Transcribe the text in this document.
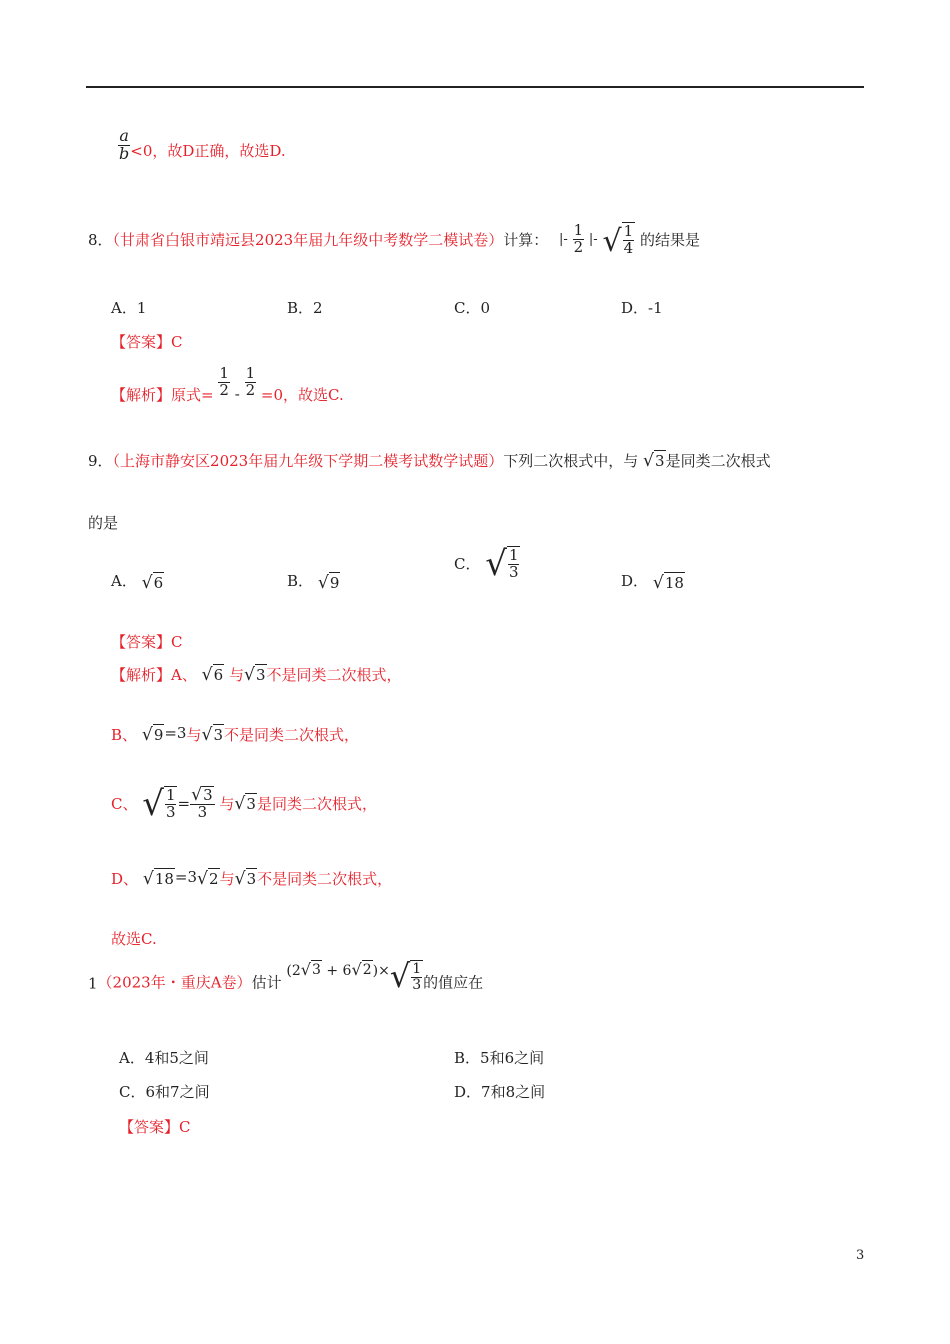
$\frac{a}{b} <0$，故D正确，故选D.
8．（甘肃省白银市靖远县2023年届九年级中考数学二模试卷）计算： |- $\frac{1}{2}$ |- √ $\frac{1}{4}$ 的结果是
A．1	B．2	C．0	D．-1
【答案】C
【解析】原式= $\frac{1}{2} - \frac{1}{2} =0$，故选C.
9．（上海市静安区2023年届九年级下学期二模考试数学试题）下列二次根式中，与 √ 3 是同类二次根式
的是
A． √ 6	B． √ 9
C． √ $\frac{1}{3}$
D． √ 18
【答案】C
【解析】A、 √ 6 与 √ 3 不是同类二次根式，
B、 √ 9 =3与 √ 3 不是同类二次根式，
C、 √ $\frac{1}{3} = \frac{√ 3}{3}$ 与 √ 3 是同类二次根式，
D、 √ 18 =3 √ 2 与 √ 3 不是同类二次根式，
故选C.
1（2023年・重庆A卷）估计 (2 √ 3 + 6 √ 2 )× √ $\frac{1}{3}$ 的值应在
A．4和5之间	B．5和6之间
C．6和7之间	D．7和8之间
【答案】C
3
